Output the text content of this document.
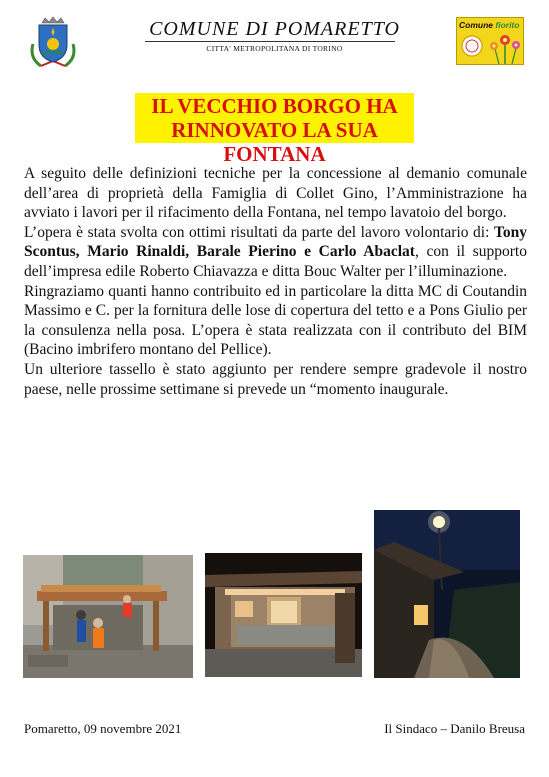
COMUNE DI POMARETTO
CITTA' METROPOLITANA DI TORINO
Comune fiorito
IL VECCHIO BORGO HA
RINNOVATO LA SUA FONTANA

A seguito delle definizioni tecniche per la concessione al demanio comunale dell’area di proprietà della Famiglia di Collet Gino, l’Amministrazione ha avviato i lavori per il rifacimento della Fontana, nel tempo lavatoio del borgo.

L’opera è stata svolta con ottimi risultati da parte del lavoro volontario di: Tony Scontus, Mario Rinaldi, Barale Pierino e Carlo Abaclat, con il supporto dell’impresa edile Roberto Chiavazza e ditta Bouc Walter per l’illuminazione.

Ringraziamo quanti hanno contribuito ed in particolare la ditta MC di Coutandin Massimo e C. per la fornitura delle lose di copertura del tetto e a Pons Giulio per la consulenza nella posa. L’opera è stata realizzata con il contributo del BIM (Bacino imbrifero montano del Pellice).

Un ulteriore tassello è stato aggiunto per rendere sempre gradevole il nostro paese, nelle prossime settimane si prevede un “momento inaugurale.

Pomaretto, 09 novembre 2021	Il Sindaco – Danilo Breusa
